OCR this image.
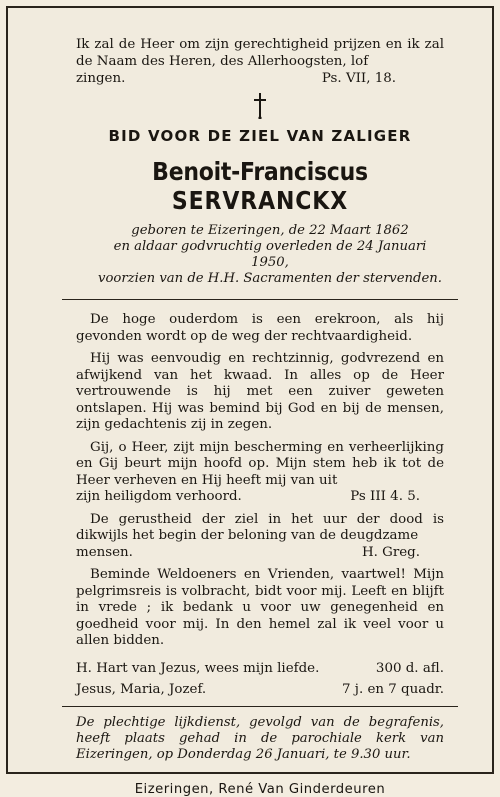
Ik zal de Heer om zijn gerechtigheid prijzen en ik zal de Naam des Heren, des Allerhoogsten, lof
zingen.	Ps. VII, 18.
BID VOOR DE ZIEL VAN ZALIGER
Benoit-Franciscus SERVRANCKX
geboren te Eizeringen, de 22 Maart 1862
en aldaar godvruchtig overleden de 24 Januari 1950,
voorzien van de H.H. Sacramenten der stervenden.
De hoge ouderdom is een erekroon, als hij gevonden wordt op de weg der rechtvaardigheid.
Hij was eenvoudig en rechtzinnig, godvrezend en afwijkend van het kwaad. In alles op de Heer vertrouwende is hij met een zuiver geweten ontslapen. Hij was bemind bij God en bij de mensen, zijn gedachtenis zij in zegen.
Gij, o Heer, zijt mijn bescherming en verheerlijking en Gij beurt mijn hoofd op. Mijn stem heb ik tot de Heer verheven en Hij heeft mij van uit
zijn heiligdom verhoord.	Ps III 4. 5.
De gerustheid der ziel in het uur der dood is dikwijls het begin der beloning van de deugdzame
mensen.	H. Greg.
Beminde Weldoeners en Vrienden, vaartwel! Mijn pelgrimsreis is volbracht, bidt voor mij. Leeft en blijft in vrede ; ik bedank u voor uw genegenheid en goedheid voor mij. In den hemel zal ik veel voor u allen bidden.
H. Hart van Jezus, wees mijn liefde.	300 d. afl.
Jesus, Maria, Jozef.	7 j. en 7 quadr.
De plechtige lijkdienst, gevolgd van de begrafenis, heeft plaats gehad in de parochiale kerk van Eizeringen, op Donderdag 26 Januari, te 9.30 uur.
Eizeringen, René Van Ginderdeuren
